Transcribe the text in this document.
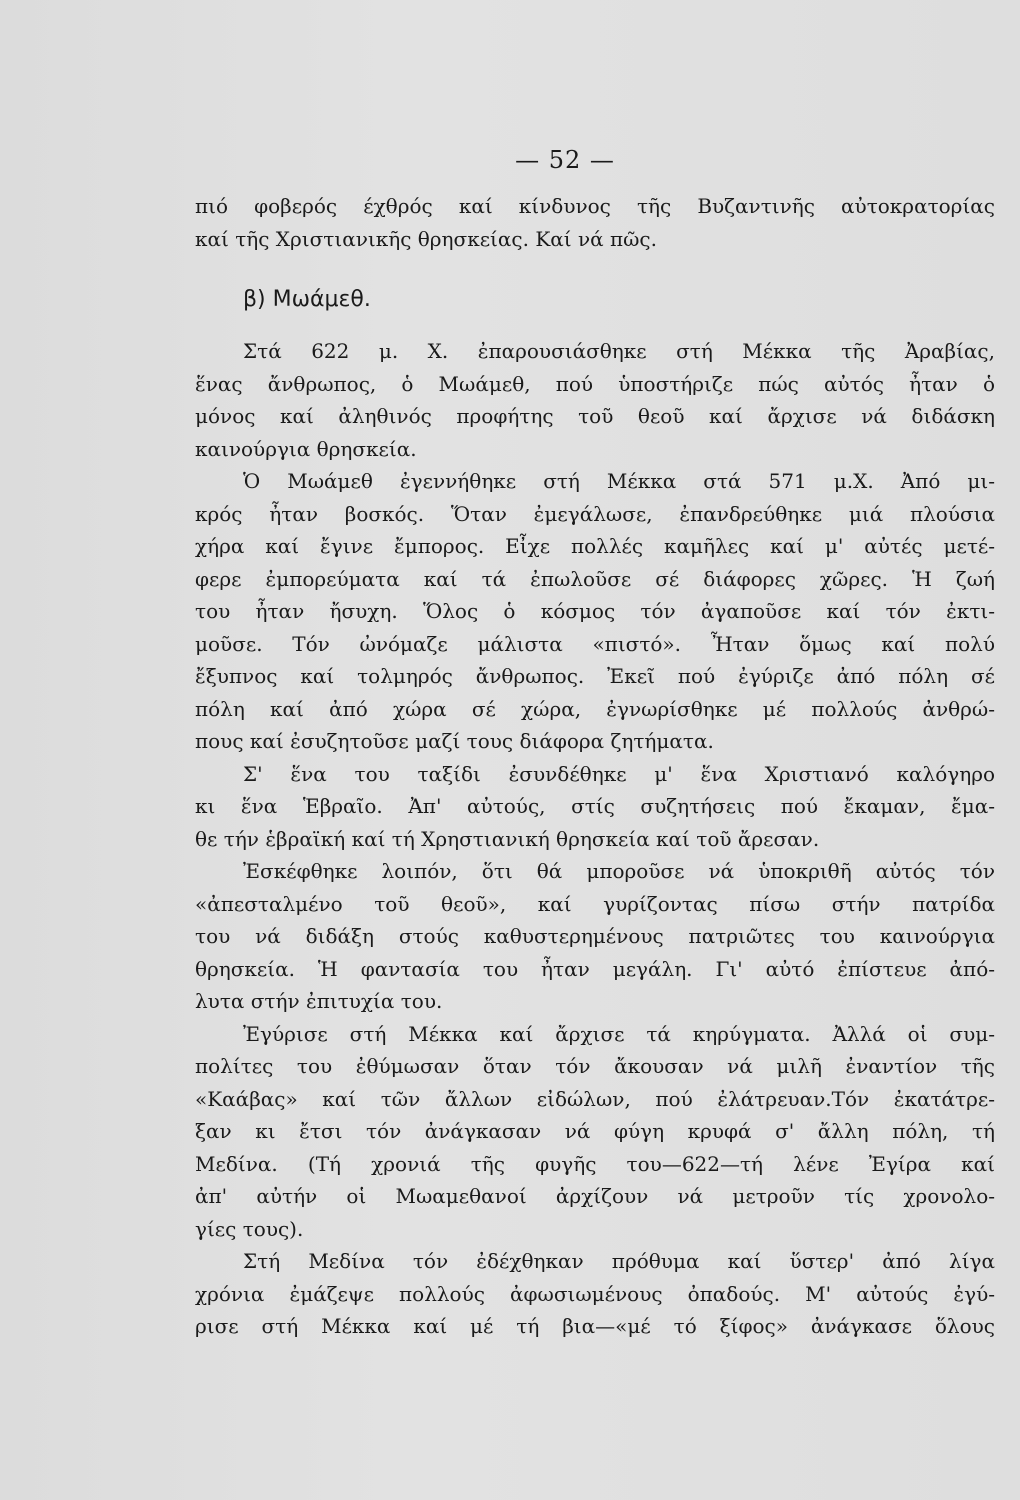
— 52 —
πιό φοβερός έχθρός καί κίνδυνος τῆς Βυζαντινῆς αὐτοκρατορίας
καί τῆς Χριστιανικῆς θρησκείας. Καί νά πῶς.
β) Μωάμεθ.
Στά 622 μ. Χ. ἐπαρουσιάσθηκε στή Μέκκα τῆς Ἀραβίας,
ἕνας ἄνθρωπος, ὁ Μωάμεθ, πού ὑποστήριζε πώς αὐτός ἦταν ὁ
μόνος καί ἀληθινός προφήτης τοῦ θεοῦ καί ἄρχισε νά διδάσκη
καινούργια θρησκεία.
Ὁ Μωάμεθ ἐγεννήθηκε στή Μέκκα στά 571 μ.Χ. Ἀπό μι-
κρός ἦταν βοσκός. Ὅταν ἐμεγάλωσε, ἐπανδρεύθηκε μιά πλούσια
χήρα καί ἔγινε ἔμπορος. Εἶχε πολλές καμῆλες καί μ' αὐτές μετέ-
φερε ἐμπορεύματα καί τά ἐπωλοῦσε σέ διάφορες χῶρες. Ἡ ζωή
του ἦταν ἤσυχη. Ὅλος ὁ κόσμος τόν ἀγαποῦσε καί τόν ἐκτι-
μοῦσε. Τόν ὠνόμαζε μάλιστα «πιστό». Ἦταν ὅμως καί πολύ
ἔξυπνος καί τολμηρός ἄνθρωπος. Ἐκεῖ πού ἐγύριζε ἀπό πόλη σέ
πόλη καί ἀπό χώρα σέ χώρα, ἐγνωρίσθηκε μέ πολλούς ἀνθρώ-
πους καί ἐσυζητοῦσε μαζί τους διάφορα ζητήματα.
Σ' ἕνα του ταξίδι ἐσυνδέθηκε μ' ἕνα Χριστιανό καλόγηρο
κι ἕνα Ἑβραῖο. Ἀπ' αὐτούς, στίς συζητήσεις πού ἔκαμαν, ἔμα-
θε τήν ἑβραϊκή καί τή Χρηστιανική θρησκεία καί τοῦ ἄρεσαν.
Ἐσκέφθηκε λοιπόν, ὅτι θά μποροῦσε νά ὑποκριθῆ αὐτός τόν
«ἀπεσταλμένο τοῦ θεοῦ», καί γυρίζοντας πίσω στήν πατρίδα
του νά διδάξη στούς καθυστερημένους πατριῶτες του καινούργια
θρησκεία. Ἡ φαντασία του ἦταν μεγάλη. Γι' αὐτό ἐπίστευε ἀπό-
λυτα στήν ἐπιτυχία του.
Ἐγύρισε στή Μέκκα καί ἄρχισε τά κηρύγματα. Ἀλλά οἱ συμ-
πολίτες του ἐθύμωσαν ὅταν τόν ἄκουσαν νά μιλῆ ἐναντίον τῆς
«Καάβας» καί τῶν ἄλλων εἰδώλων, πού ἐλάτρευαν.Τόν ἐκατάτρε-
ξαν κι ἔτσι τόν ἀνάγκασαν νά φύγη κρυφά σ' ἄλλη πόλη, τή
Μεδίνα. (Τή χρονιά τῆς φυγῆς του—622—τή λένε Ἐγίρα καί
ἀπ' αὐτήν οἱ Μωαμεθανοί ἀρχίζουν νά μετροῦν τίς χρονολο-
γίες τους).
Στή Μεδίνα τόν ἐδέχθηκαν πρόθυμα καί ὕστερ' ἀπό λίγα
χρόνια ἐμάζεψε πολλούς ἀφωσιωμένους ὀπαδούς. Μ' αὐτούς ἐγύ-
ρισε στή Μέκκα καί μέ τή βια—«μέ τό ξίφος» ἀνάγκασε ὅλους
